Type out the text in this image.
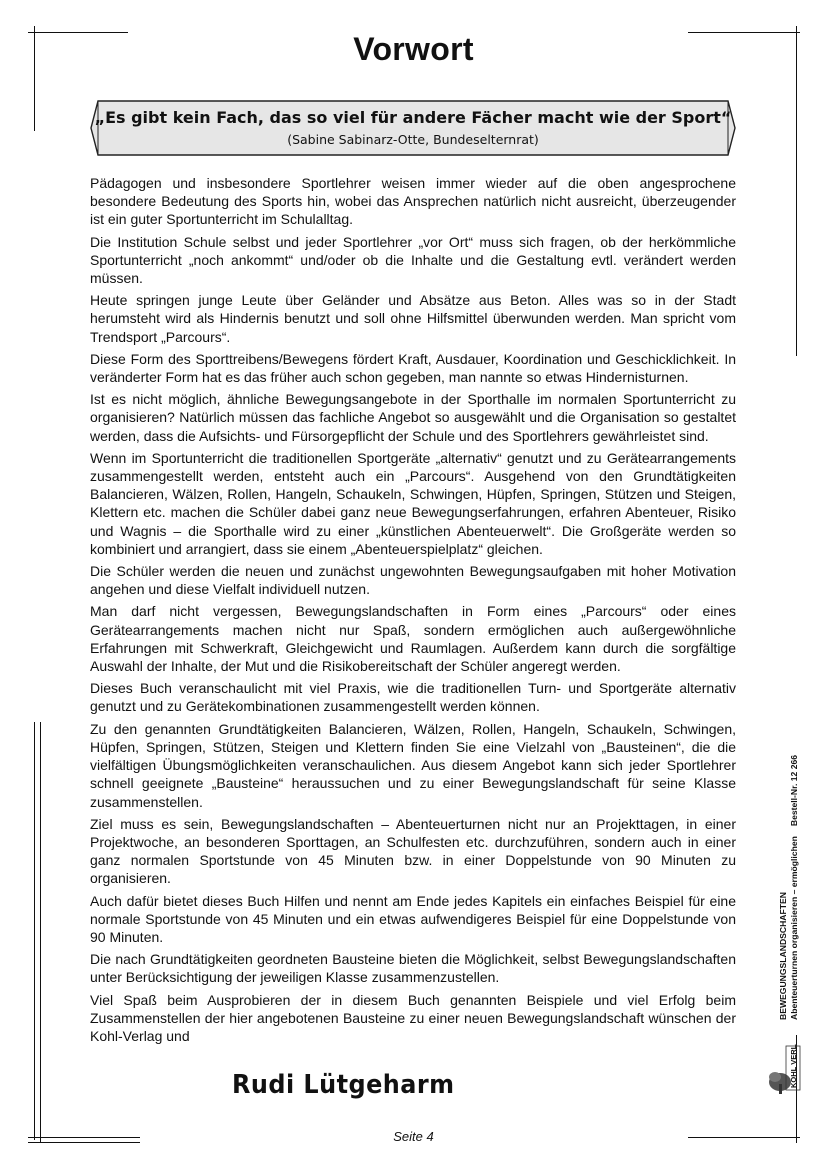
Vorwort
„Es gibt kein Fach, das so viel für andere Fächer macht wie der Sport“
(Sabine Sabinarz-Otte, Bundeselternrat)

Pädagogen und insbesondere Sportlehrer weisen immer wieder auf die oben angesprochene besondere Bedeutung des Sports hin, wobei das Ansprechen natürlich nicht ausreicht, überzeugender ist ein guter Sportunterricht im Schulalltag.

Die Institution Schule selbst und jeder Sportlehrer „vor Ort“ muss sich fragen, ob der herkömmliche Sportunterricht „noch ankommt“ und/oder ob die Inhalte und die Gestaltung evtl. verändert werden müssen.

Heute springen junge Leute über Geländer und Absätze aus Beton. Alles was so in der Stadt herumsteht wird als Hindernis benutzt und soll ohne Hilfsmittel überwunden werden. Man spricht vom Trendsport „Parcours“.

Diese Form des Sporttreibens/Bewegens fördert Kraft, Ausdauer, Koordination und Geschicklichkeit. In veränderter Form hat es das früher auch schon gegeben, man nannte so etwas Hindernisturnen.

Ist es nicht möglich, ähnliche Bewegungsangebote in der Sporthalle im normalen Sportunterricht zu organisieren? Natürlich müssen das fachliche Angebot so ausgewählt und die Organisation so gestaltet werden, dass die Aufsichts- und Fürsorgepflicht der Schule und des Sportlehrers gewährleistet sind.

Wenn im Sportunterricht die traditionellen Sportgeräte „alternativ“ genutzt und zu Gerätearrangements zusammengestellt werden, entsteht auch ein „Parcours“. Ausgehend von den Grundtätigkeiten Balancieren, Wälzen, Rollen, Hangeln, Schaukeln, Schwingen, Hüpfen, Springen, Stützen und Steigen, Klettern etc. machen die Schüler dabei ganz neue Bewegungserfahrungen, erfahren Abenteuer, Risiko und Wagnis – die Sporthalle wird zu einer „künstlichen Abenteuerwelt“. Die Großgeräte werden so kombiniert und arrangiert, dass sie einem „Abenteuerspielplatz“ gleichen.

Die Schüler werden die neuen und zunächst ungewohnten Bewegungsaufgaben mit hoher Motivation angehen und diese Vielfalt individuell nutzen.

Man darf nicht vergessen, Bewegungslandschaften in Form eines „Parcours“ oder eines Gerätearrangements machen nicht nur Spaß, sondern ermöglichen auch außergewöhnliche Erfahrungen mit Schwerkraft, Gleichgewicht und Raumlagen. Außerdem kann durch die sorgfältige Auswahl der Inhalte, der Mut und die Risikobereitschaft der Schüler angeregt werden.

Dieses Buch veranschaulicht mit viel Praxis, wie die traditionellen Turn- und Sportgeräte alternativ genutzt und zu Gerätekombinationen zusammengestellt werden können.

Zu den genannten Grundtätigkeiten Balancieren, Wälzen, Rollen, Hangeln, Schaukeln, Schwingen, Hüpfen, Springen, Stützen, Steigen und Klettern finden Sie eine Vielzahl von „Bausteinen“, die die vielfältigen Übungsmöglichkeiten veranschaulichen. Aus diesem Angebot kann sich jeder Sportlehrer schnell geeignete „Bausteine“ heraussuchen und zu einer Bewegungslandschaft für seine Klasse zusammenstellen.

Ziel muss es sein, Bewegungslandschaften – Abenteuerturnen nicht nur an Projekttagen, in einer Projektwoche, an besonderen Sporttagen, an Schulfesten etc. durchzuführen, sondern auch in einer ganz normalen Sportstunde von 45 Minuten bzw. in einer Doppelstunde von 90 Minuten zu organisieren.

Auch dafür bietet dieses Buch Hilfen und nennt am Ende jedes Kapitels ein einfaches Beispiel für eine normale Sportstunde von 45 Minuten und ein etwas aufwendigeres Beispiel für eine Doppelstunde von 90 Minuten.

Die nach Grundtätigkeiten geordneten Bausteine bieten die Möglichkeit, selbst Bewegungslandschaften unter Berücksichtigung der jeweiligen Klasse zusammenzustellen.

Viel Spaß beim Ausprobieren der in diesem Buch genannten Beispiele und viel Erfolg beim Zusammenstellen der hier angebotenen Bausteine zu einer neuen Bewegungslandschaft wünschen der Kohl-Verlag und

Rudi Lütgeharm
Seite 4
BEWEGUNGSLANDSCHAFTEN Abenteuerturnen organisieren – ermöglichenBestell-Nr. 12 266
KOHL VERLAG
